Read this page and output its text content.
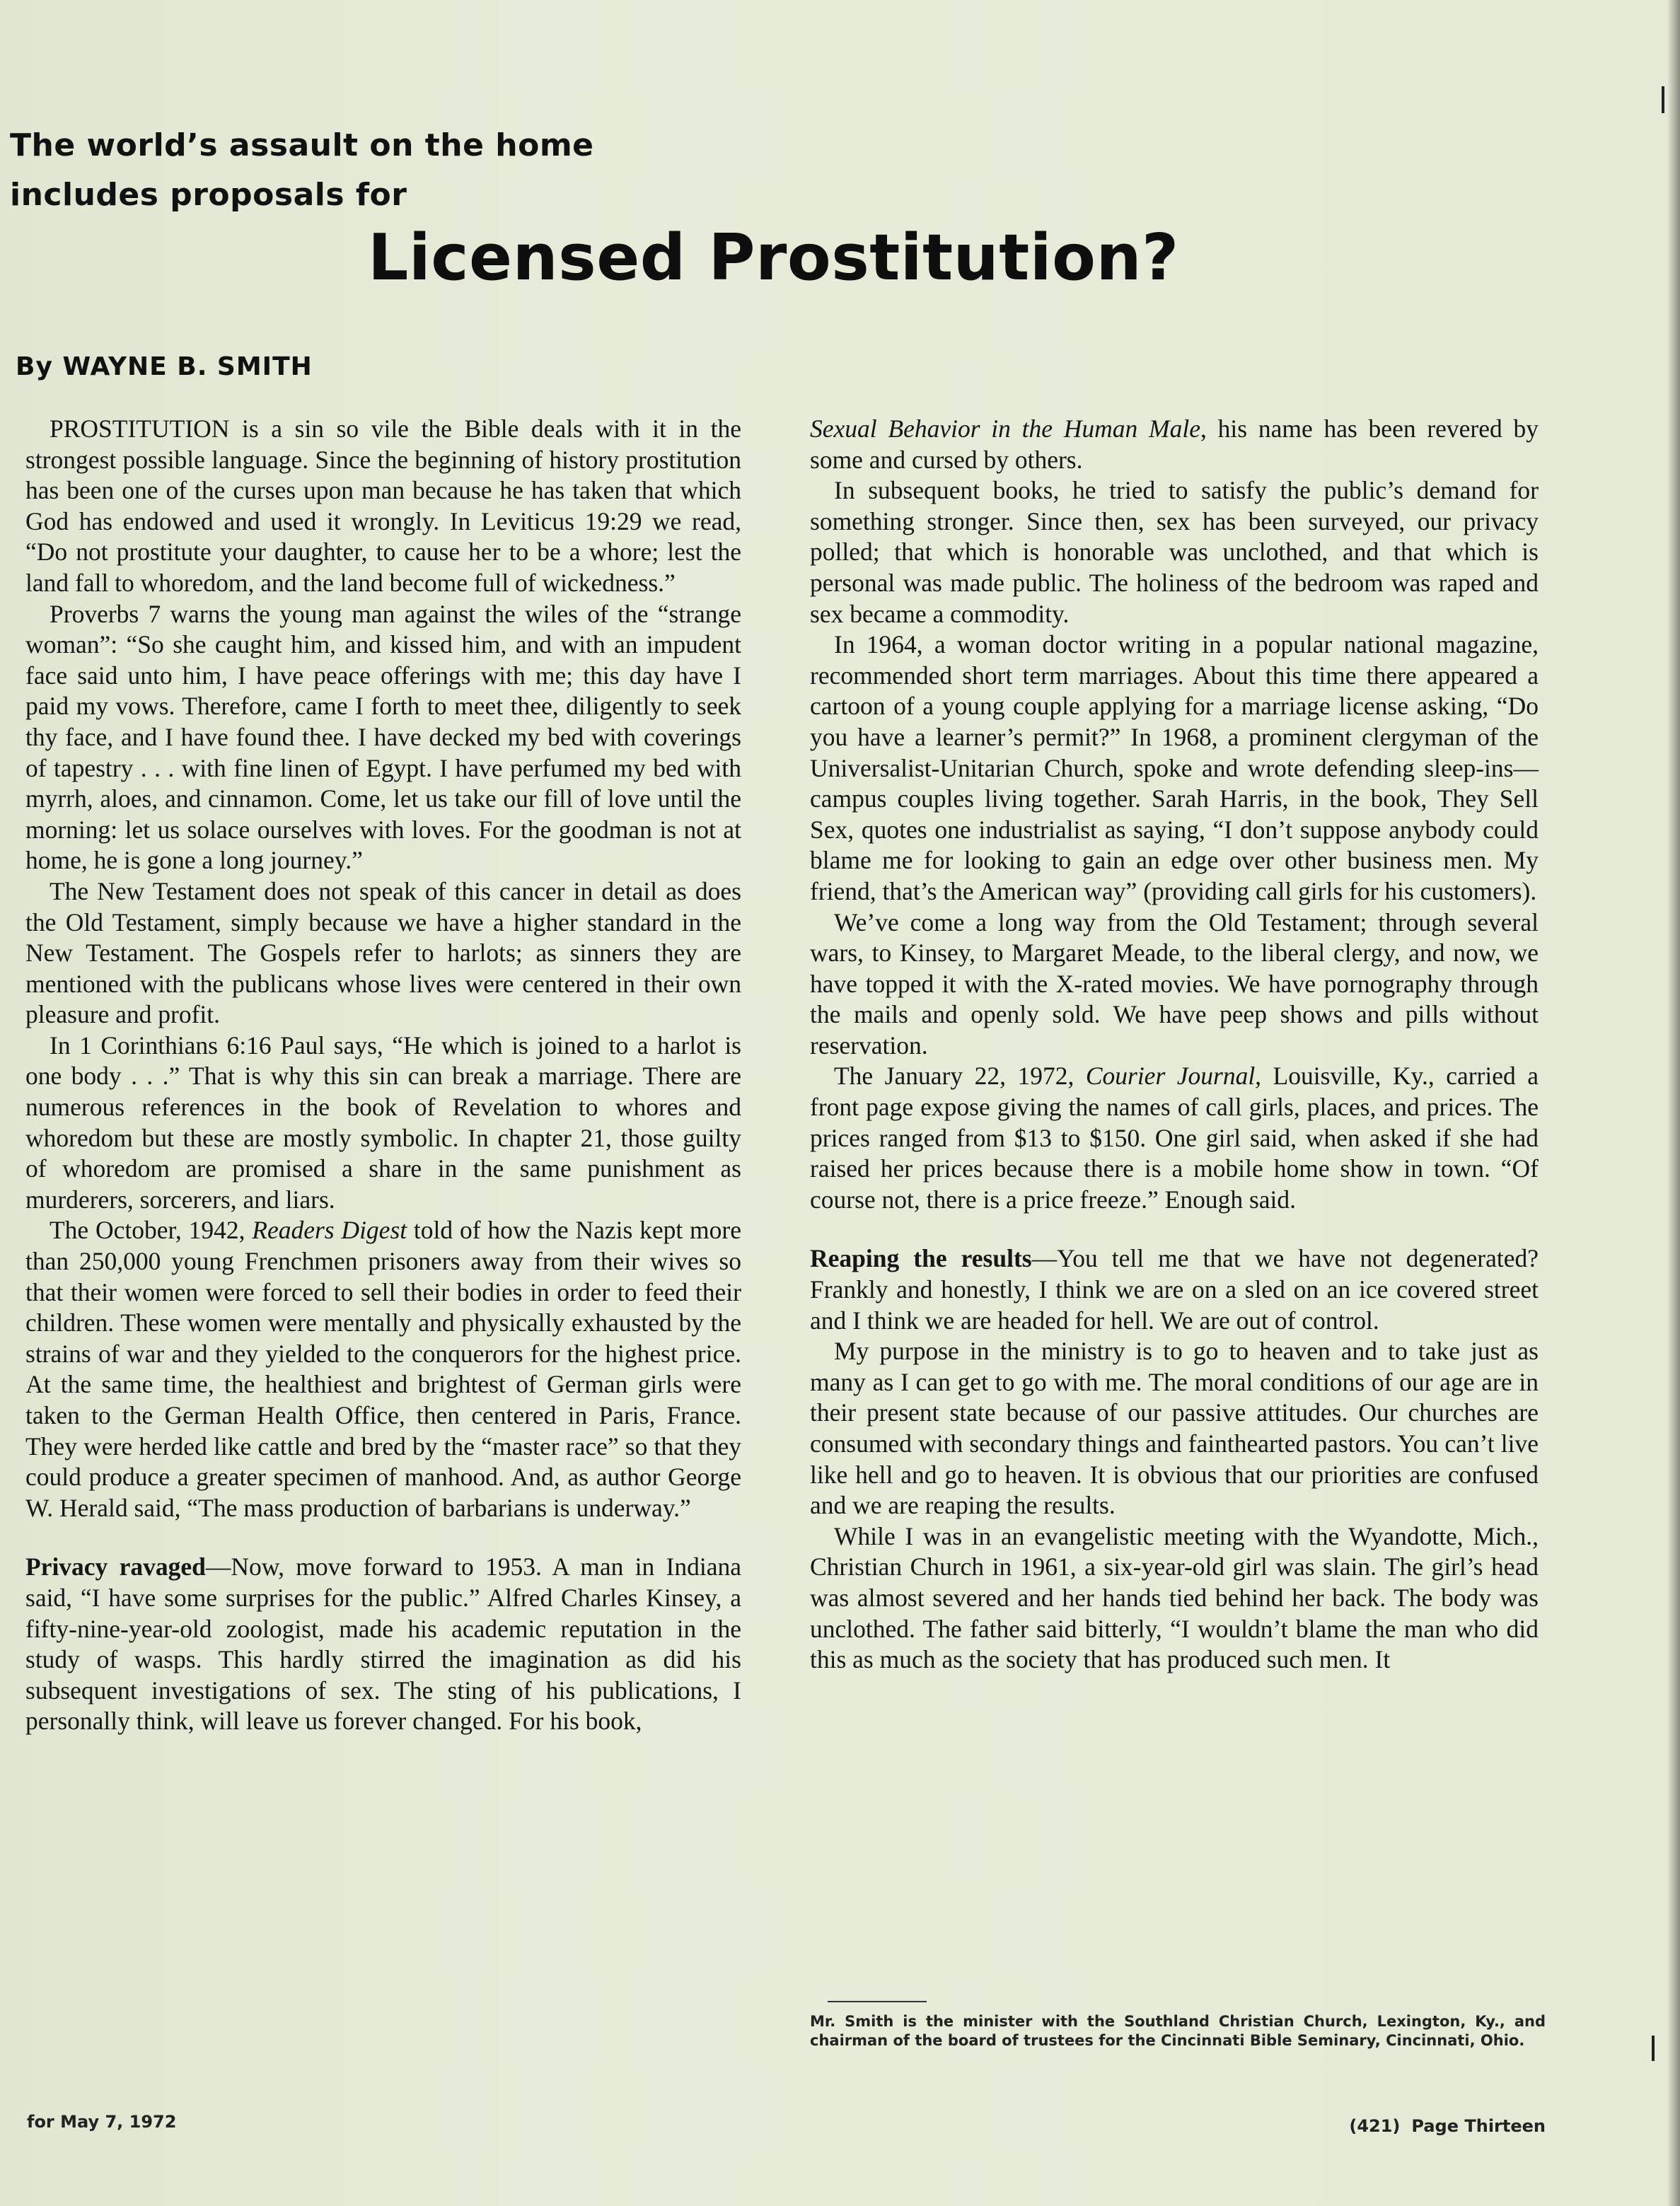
The world’s assault on the home
includes proposals for
Licensed Prostitution?
By WAYNE B. SMITH

PROSTITUTION is a sin so vile the Bible deals with it in the strongest possible language. Since the beginning of history prostitution has been one of the curses upon man because he has taken that which God has endowed and used it wrongly. In Leviticus 19:29 we read, “Do not prostitute your daughter, to cause her to be a whore; lest the land fall to whoredom, and the land become full of wickedness.”

Proverbs 7 warns the young man against the wiles of the “strange woman”: “So she caught him, and kissed him, and with an impudent face said unto him, I have peace offerings with me; this day have I paid my vows. Therefore, came I forth to meet thee, diligently to seek thy face, and I have found thee. I have decked my bed with coverings of tapestry . . . with fine linen of Egypt. I have perfumed my bed with myrrh, aloes, and cinnamon. Come, let us take our fill of love until the morning: let us solace ourselves with loves. For the goodman is not at home, he is gone a long journey.”

The New Testament does not speak of this cancer in detail as does the Old Testament, simply because we have a higher standard in the New Testament. The Gospels refer to harlots; as sinners they are mentioned with the publicans whose lives were centered in their own pleasure and profit.

In 1 Corinthians 6:16 Paul says, “He which is joined to a harlot is one body . . .” That is why this sin can break a marriage. There are numerous references in the book of Revelation to whores and whoredom but these are mostly symbolic. In chapter 21, those guilty of whoredom are promised a share in the same punishment as murderers, sorcerers, and liars.

The October, 1942, Readers Digest told of how the Nazis kept more than 250,000 young Frenchmen prisoners away from their wives so that their women were forced to sell their bodies in order to feed their children. These women were mentally and physically exhausted by the strains of war and they yielded to the conquerors for the highest price. At the same time, the healthiest and brightest of German girls were taken to the German Health Office, then centered in Paris, France. They were herded like cattle and bred by the “master race” so that they could produce a greater specimen of manhood. And, as author George W. Herald said, “The mass production of barbarians is underway.”

Privacy ravaged—Now, move forward to 1953. A man in Indiana said, “I have some surprises for the public.” Alfred Charles Kinsey, a fifty-nine-year-old zoologist, made his academic reputation in the study of wasps. This hardly stirred the imagination as did his subsequent investigations of sex. The sting of his publications, I personally think, will leave us forever changed. For his book,

Sexual Behavior in the Human Male, his name has been revered by some and cursed by others.

In subsequent books, he tried to satisfy the public’s demand for something stronger. Since then, sex has been surveyed, our privacy polled; that which is honorable was unclothed, and that which is personal was made public. The holiness of the bedroom was raped and sex became a commodity.

In 1964, a woman doctor writing in a popular national magazine, recommended short term marriages. About this time there appeared a cartoon of a young couple applying for a marriage license asking, “Do you have a learner’s permit?” In 1968, a prominent clergyman of the Universalist-Unitarian Church, spoke and wrote defending sleep-ins—campus couples living together. Sarah Harris, in the book, They Sell Sex, quotes one industrialist as saying, “I don’t suppose anybody could blame me for looking to gain an edge over other business men. My friend, that’s the American way” (providing call girls for his customers).

We’ve come a long way from the Old Testament; through several wars, to Kinsey, to Margaret Meade, to the liberal clergy, and now, we have topped it with the X-rated movies. We have pornography through the mails and openly sold. We have peep shows and pills without reservation.

The January 22, 1972, Courier Journal, Louisville, Ky., carried a front page expose giving the names of call girls, places, and prices. The prices ranged from $13 to $150. One girl said, when asked if she had raised her prices because there is a mobile home show in town. “Of course not, there is a price freeze.” Enough said.

Reaping the results—You tell me that we have not degenerated? Frankly and honestly, I think we are on a sled on an ice covered street and I think we are headed for hell. We are out of control.

My purpose in the ministry is to go to heaven and to take just as many as I can get to go with me. The moral conditions of our age are in their present state because of our passive attitudes. Our churches are consumed with secondary things and fainthearted pastors. You can’t live like hell and go to heaven. It is obvious that our priorities are confused and we are reaping the results.

While I was in an evangelistic meeting with the Wyandotte, Mich., Christian Church in 1961, a six-year-old girl was slain. The girl’s head was almost severed and her hands tied behind her back. The body was unclothed. The father said bitterly, “I wouldn’t blame the man who did this as much as the society that has produced such men. It

Mr. Smith is the minister with the Southland Christian Church, Lexington, Ky., and chairman of the board of trustees for the Cincinnati Bible Seminary, Cincinnati, Ohio.

for May 7, 1972	(421) Page Thirteen
